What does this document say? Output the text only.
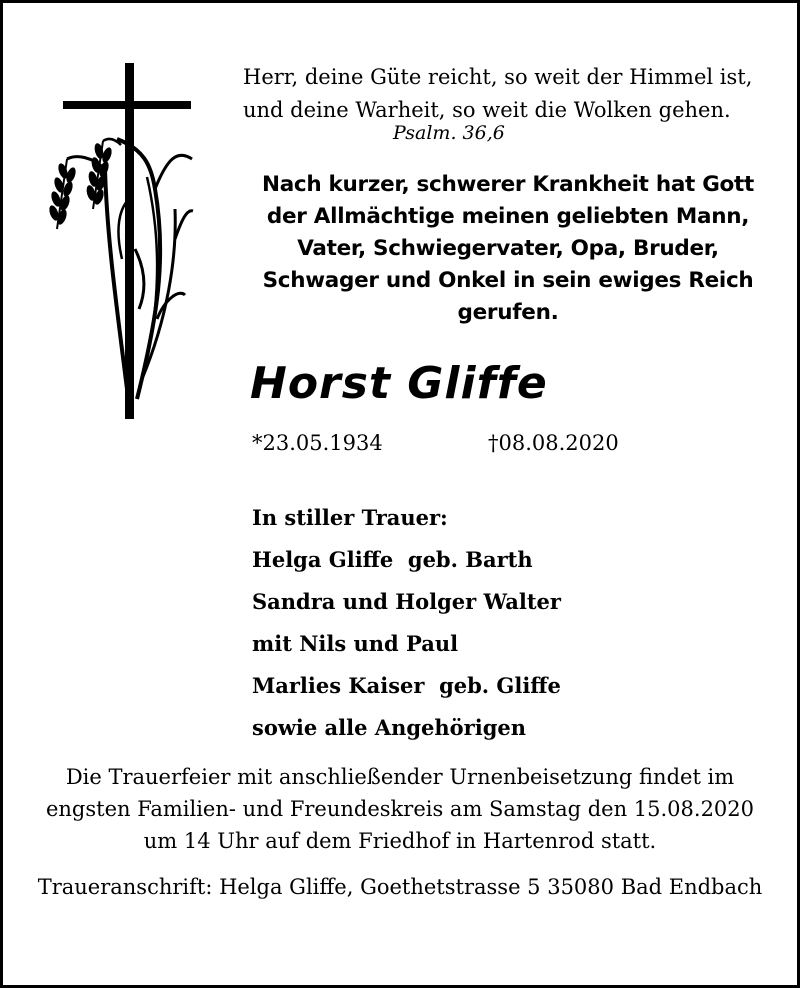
Herr, deine Güte reicht, so weit der Himmel ist,
und deine Warheit, so weit die Wolken gehen.

Psalm. 36,6

Nach kurzer, schwerer Krankheit hat Gott
der Allmächtige meinen geliebten Mann,
Vater, Schwiegervater, Opa, Bruder,
Schwager und Onkel in sein ewiges Reich
gerufen.

Horst Gliffe
*23.05.1934	†08.08.2020
In stiller Trauer:
Helga Gliffe  geb. Barth
Sandra und Holger Walter
mit Nils und Paul
Marlies Kaiser  geb. Gliffe
sowie alle Angehörigen

Die Trauerfeier mit anschließender Urnenbeisetzung findet im
engsten Familien- und Freundeskreis am Samstag den 15.08.2020
um 14 Uhr auf dem Friedhof in Hartenrod statt.

Traueranschrift: Helga Gliffe, Goethetstrasse 5 35080 Bad Endbach
